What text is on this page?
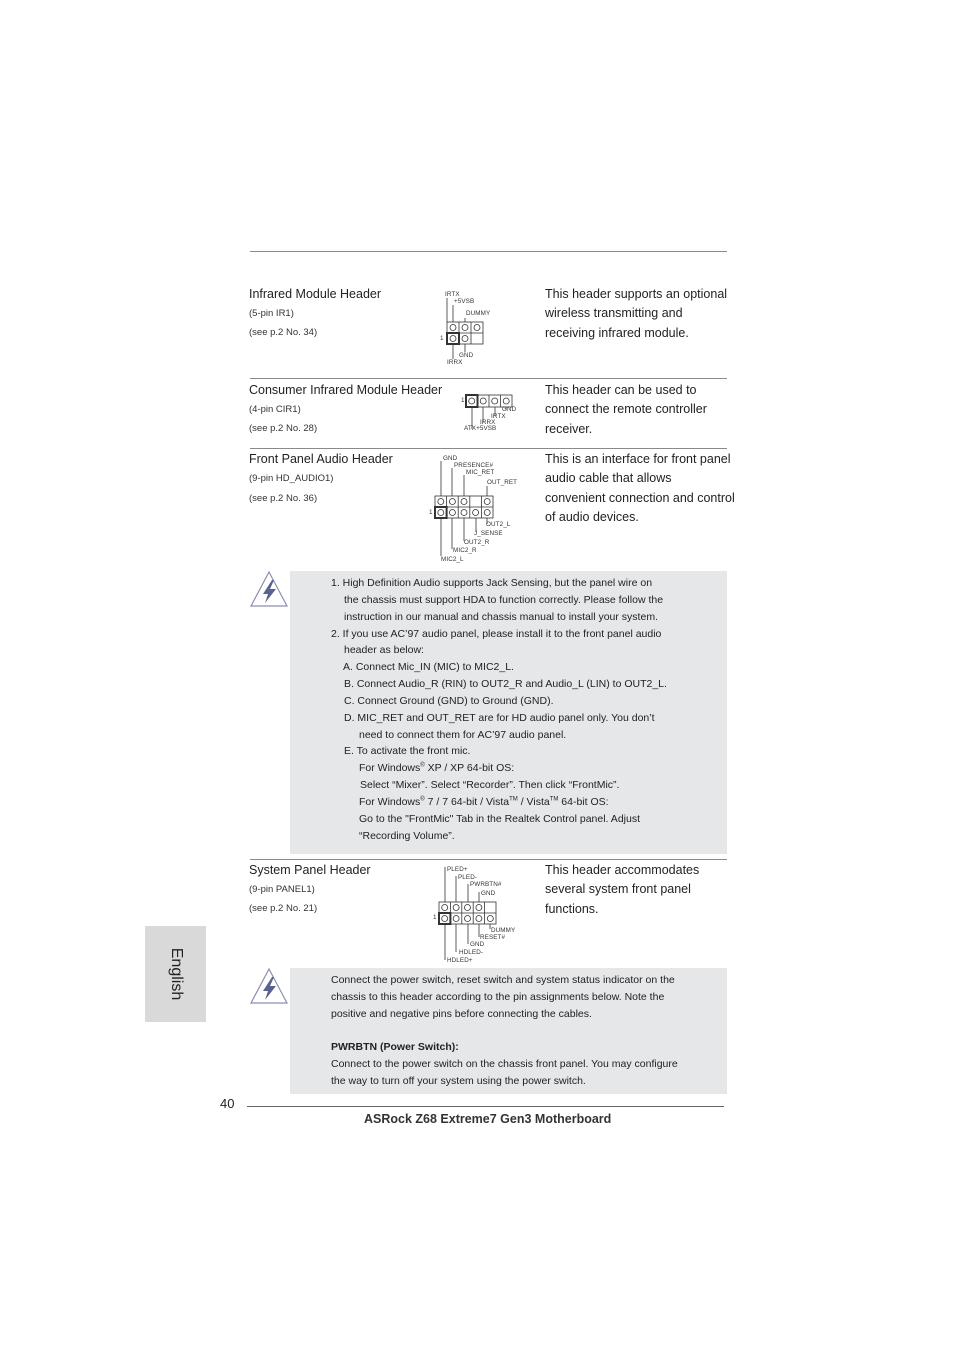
Infrared Module Header
(5-pin IR1)
(see p.2 No. 34)
This header supports an optional wireless transmitting and receiving infrared module.
IRTX
+5VSB
DUMMY
1
GND
IRRX
Consumer Infrared Module Header
(4-pin CIR1)
(see p.2 No. 28)
This header can be used to connect the remote controller receiver.
1
GND
IRTX
IRRX
ATX+5VSB
Front Panel Audio Header
(9-pin HD_AUDIO1)
(see p.2 No. 36)
This is an interface for front panel audio cable that allows convenient connection and control of audio devices.
GND
PRESENCE#
MIC_RET
OUT_RET
1
OUT2_L
J_SENSE
OUT2_R
MIC2_R
MIC2_L
1. High Definition Audio supports Jack Sensing, but the panel wire on
the chassis must support HDA to function correctly. Please follow the
instruction in our manual and chassis manual to install your system.
2. If you use AC’97 audio panel, please install it to the front panel audio
header as below:
A. Connect Mic_IN (MIC) to MIC2_L.
B. Connect Audio_R (RIN) to OUT2_R and Audio_L (LIN) to OUT2_L.
C. Connect Ground (GND) to Ground (GND).
D. MIC_RET and OUT_RET are for HD audio panel only. You don’t
need to connect them for AC’97 audio panel.
E. To activate the front mic.
For Windows® XP / XP 64-bit OS:
Select “Mixer”. Select “Recorder”. Then click “FrontMic”.
For Windows® 7 / 7 64-bit / Vista™ / Vista™ 64-bit OS:
Go to the "FrontMic" Tab in the Realtek Control panel. Adjust
“Recording Volume”.
System Panel Header
(9-pin PANEL1)
(see p.2 No. 21)
This header accommodates several system front panel functions.
PLED+
PLED-
PWRBTN#
GND
1
DUMMY
RESET#
GND
HDLED-
HDLED+
Connect the power switch, reset switch and system status indicator on the
chassis to this header according to the pin assignments below. Note the
positive and negative pins before connecting the cables.
PWRBTN (Power Switch):
Connect to the power switch on the chassis front panel. You may configure
the way to turn off your system using the power switch.
English
40
ASRock Z68 Extreme7 Gen3 Motherboard
